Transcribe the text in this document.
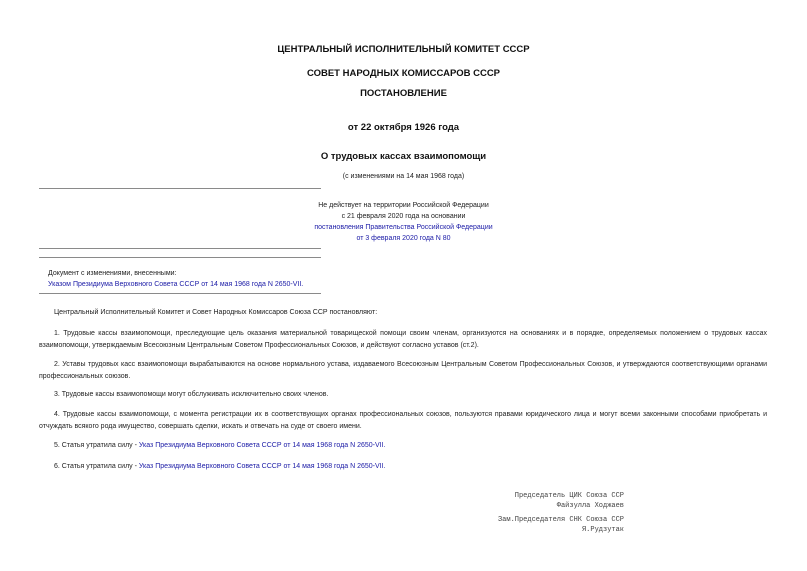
ЦЕНТРАЛЬНЫЙ ИСПОЛНИТЕЛЬНЫЙ КОМИТЕТ СССР
СОВЕТ НАРОДНЫХ КОМИССАРОВ СССР
ПОСТАНОВЛЕНИЕ
от 22 октября 1926 года
О трудовых кассах взаимопомощи
(с изменениями на 14 мая 1968 года)
Не действует на территории Российской Федерации
с 21 февраля 2020 года на основании
постановления Правительства Российской Федерации
от 3 февраля 2020 года N 80
Документ с изменениями, внесенными:
Указом Президиума Верховного Совета СССР от 14 мая 1968 года N 2650-VII.
Центральный Исполнительный Комитет и Совет Народных Комиссаров Союза ССР постановляют:
1. Трудовые кассы взаимопомощи, преследующие цель оказания материальной товарищеской помощи своим членам, организуются на основаниях и в порядке, определяемых положением о трудовых кассах взаимопомощи, утверждаемым Всесоюзным Центральным Советом Профессиональных Союзов, и действуют согласно уставов (ст.2).
2. Уставы трудовых касс взаимопомощи вырабатываются на основе нормального устава, издаваемого Всесоюзным Центральным Советом Профессиональных Союзов, и утверждаются соответствующими органами профессиональных союзов.
3. Трудовые кассы взаимопомощи могут обслуживать исключительно своих членов.
4. Трудовые кассы взаимопомощи, с момента регистрации их в соответствующих органах профессиональных союзов, пользуются правами юридического лица и могут всеми законными способами приобретать и отчуждать всякого рода имущество, совершать сделки, искать и отвечать на суде от своего имени.
5. Статья утратила силу - Указ Президиума Верховного Совета СССР от 14 мая 1968 года N 2650-VII.
6. Статья утратила силу - Указ Президиума Верховного Совета СССР от 14 мая 1968 года N 2650-VII.
Председатель ЦИК Союза ССР
Файзулла Ходжаев
Зам.Председателя СНК Союза ССР
Я.Рудзутак
